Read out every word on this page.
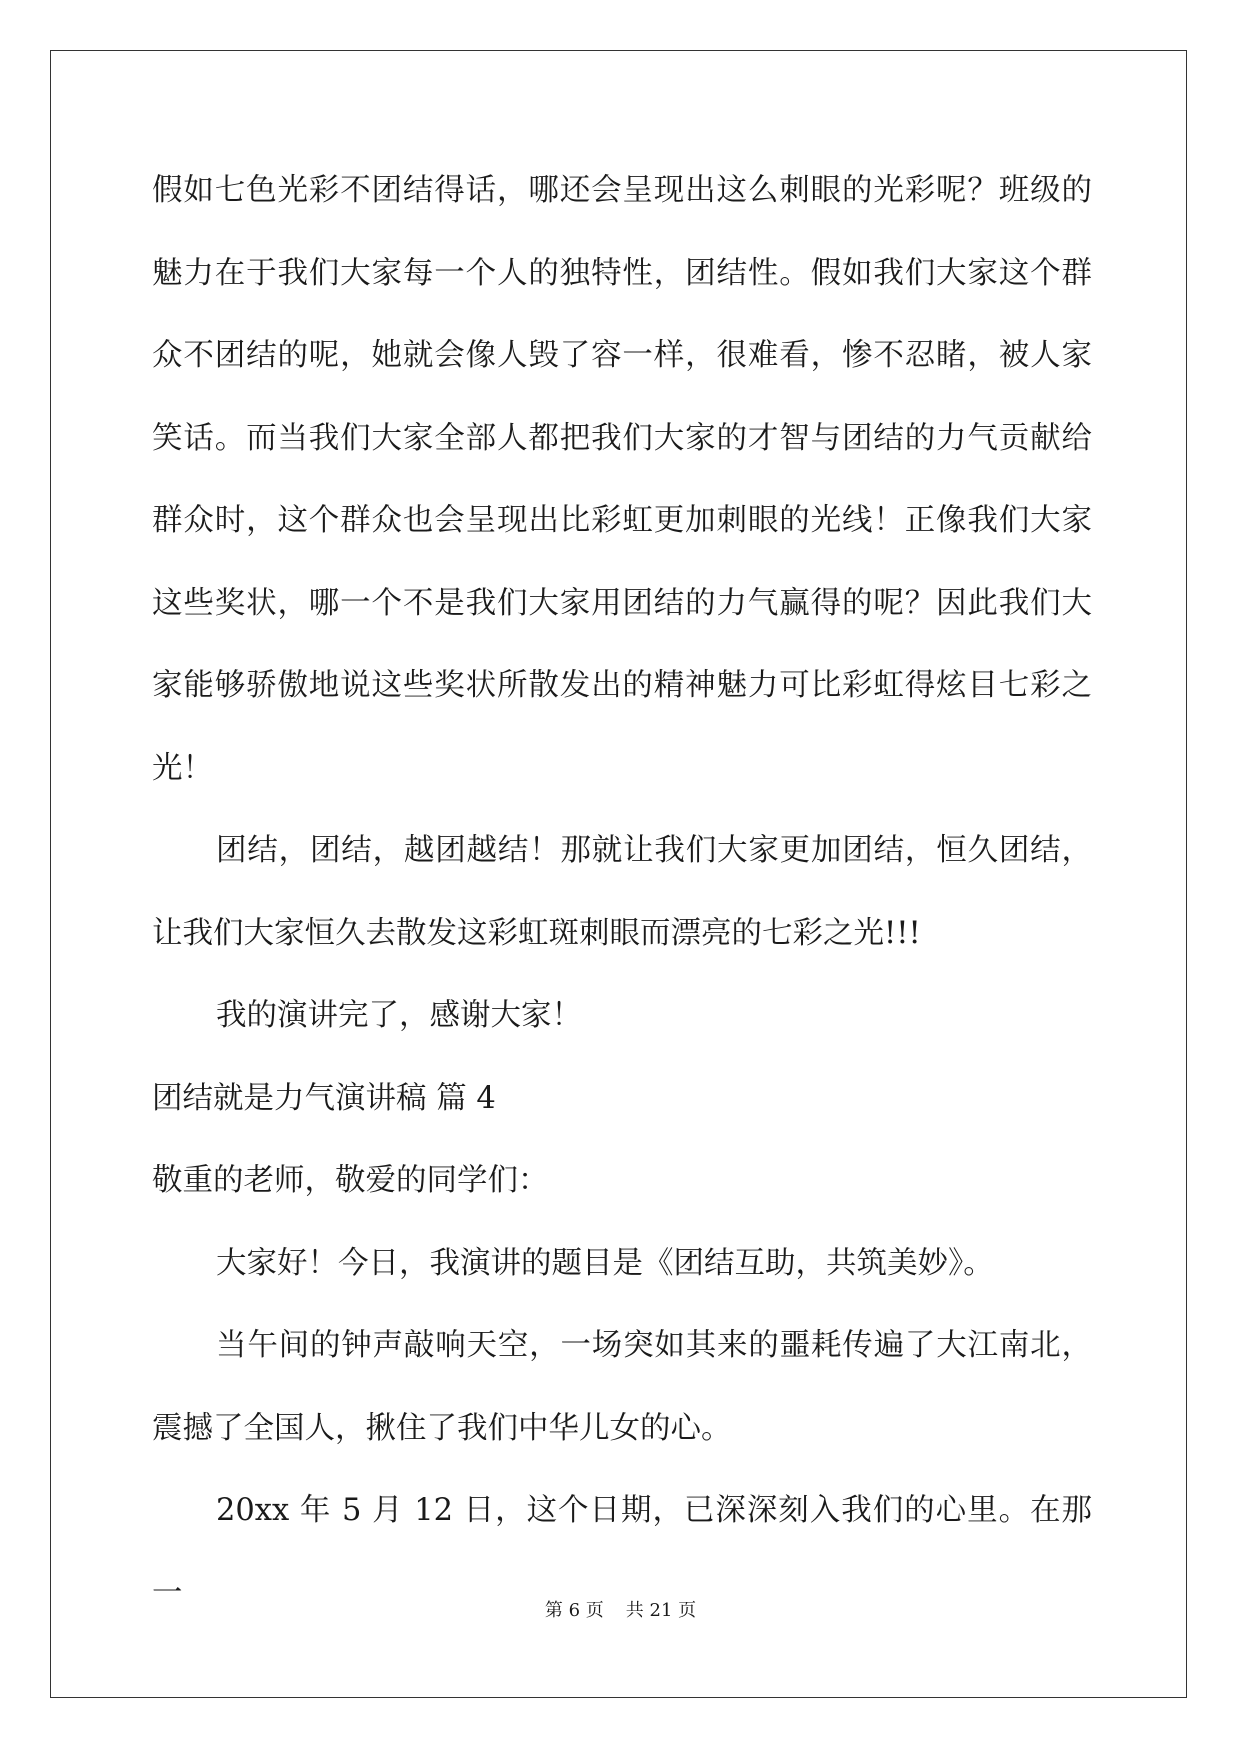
假如七色光彩不团结得话，哪还会呈现出这么刺眼的光彩呢？班级的魅力在于我们大家每一个人的独特性，团结性。假如我们大家这个群众不团结的呢，她就会像人毁了容一样，很难看，惨不忍睹，被人家笑话。而当我们大家全部人都把我们大家的才智与团结的力气贡献给群众时，这个群众也会呈现出比彩虹更加刺眼的光线！正像我们大家这些奖状，哪一个不是我们大家用团结的力气赢得的呢？因此我们大家能够骄傲地说这些奖状所散发出的精神魅力可比彩虹得炫目七彩之光！

团结，团结，越团越结！那就让我们大家更加团结，恒久团结，让我们大家恒久去散发这彩虹斑刺眼而漂亮的七彩之光!!!

我的演讲完了，感谢大家！

团结就是力气演讲稿 篇 4

敬重的老师，敬爱的同学们：

大家好！今日，我演讲的题目是《团结互助，共筑美妙》。

当午间的钟声敲响天空，一场突如其来的噩耗传遍了大江南北，震撼了全国人，揪住了我们中华儿女的心。

20xx 年 5 月 12 日，这个日期，已深深刻入我们的心里。在那一	第 6 页 共 21 页
